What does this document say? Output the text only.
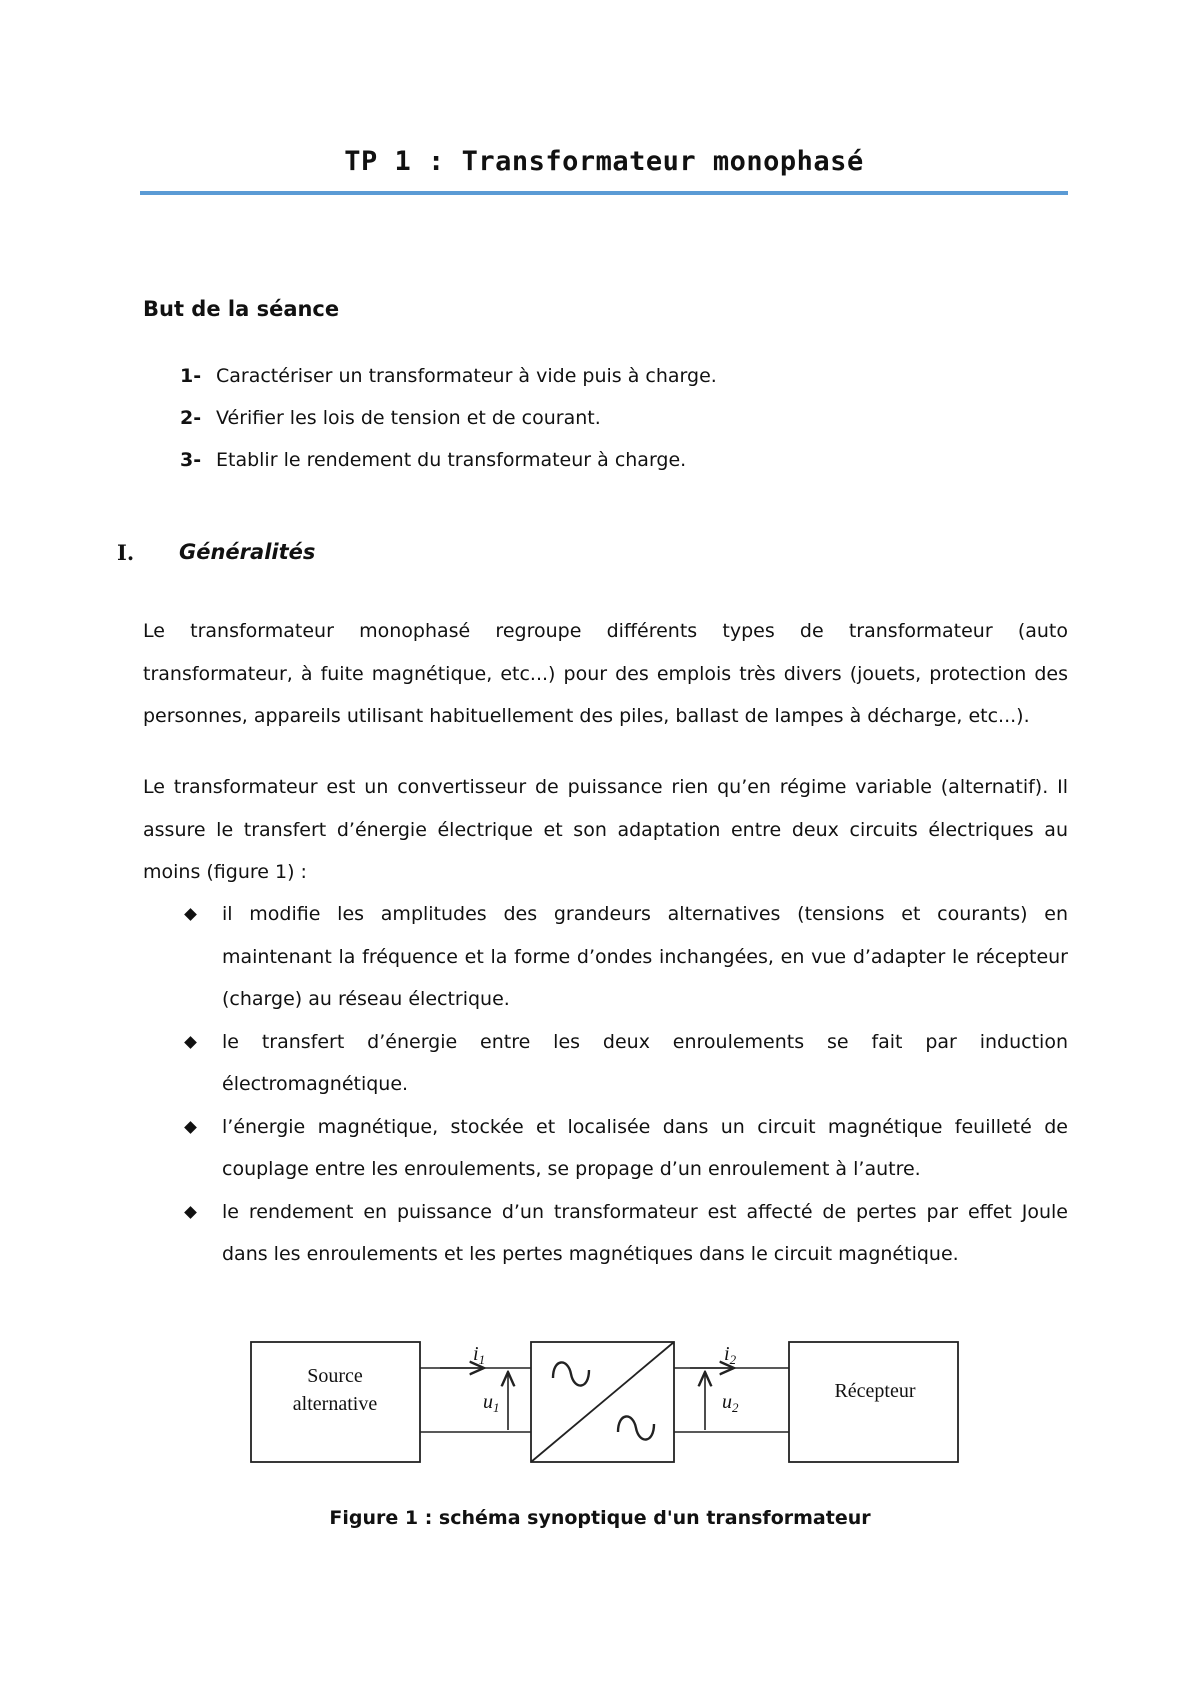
TP 1 : Transformateur monophasé
But de la séance
1- Caractériser un transformateur à vide puis à charge.
2- Vérifier les lois de tension et de courant.
3- Etablir le rendement du transformateur à charge.
I.	Généralités

Le transformateur monophasé regroupe différents types de transformateur (auto transformateur, à fuite magnétique, etc...) pour des emplois très divers (jouets, protection des personnes, appareils utilisant habituellement des piles, ballast de lampes à décharge, etc...).

Le transformateur est un convertisseur de puissance rien qu’en régime variable (alternatif). Il assure le transfert d’énergie électrique et son adaptation entre deux circuits électriques au moins (figure 1) :

il modifie les amplitudes des grandeurs alternatives (tensions et courants) en maintenant la fréquence et la forme d’ondes inchangées, en vue d’adapter le récepteur (charge) au réseau électrique.
le transfert d’énergie entre les deux enroulements se fait par induction électromagnétique.
l’énergie magnétique, stockée et localisée dans un circuit magnétique feuilleté de couplage entre les enroulements, se propage d’un enroulement à l’autre.
le rendement en puissance d’un transformateur est affecté de pertes par effet Joule dans les enroulements et les pertes magnétiques dans le circuit magnétique.
Source
alternative
Récepteur
$i_1$	$i_2$
$u_1$	$u_2$
Figure 1 : schéma synoptique d'un transformateur
